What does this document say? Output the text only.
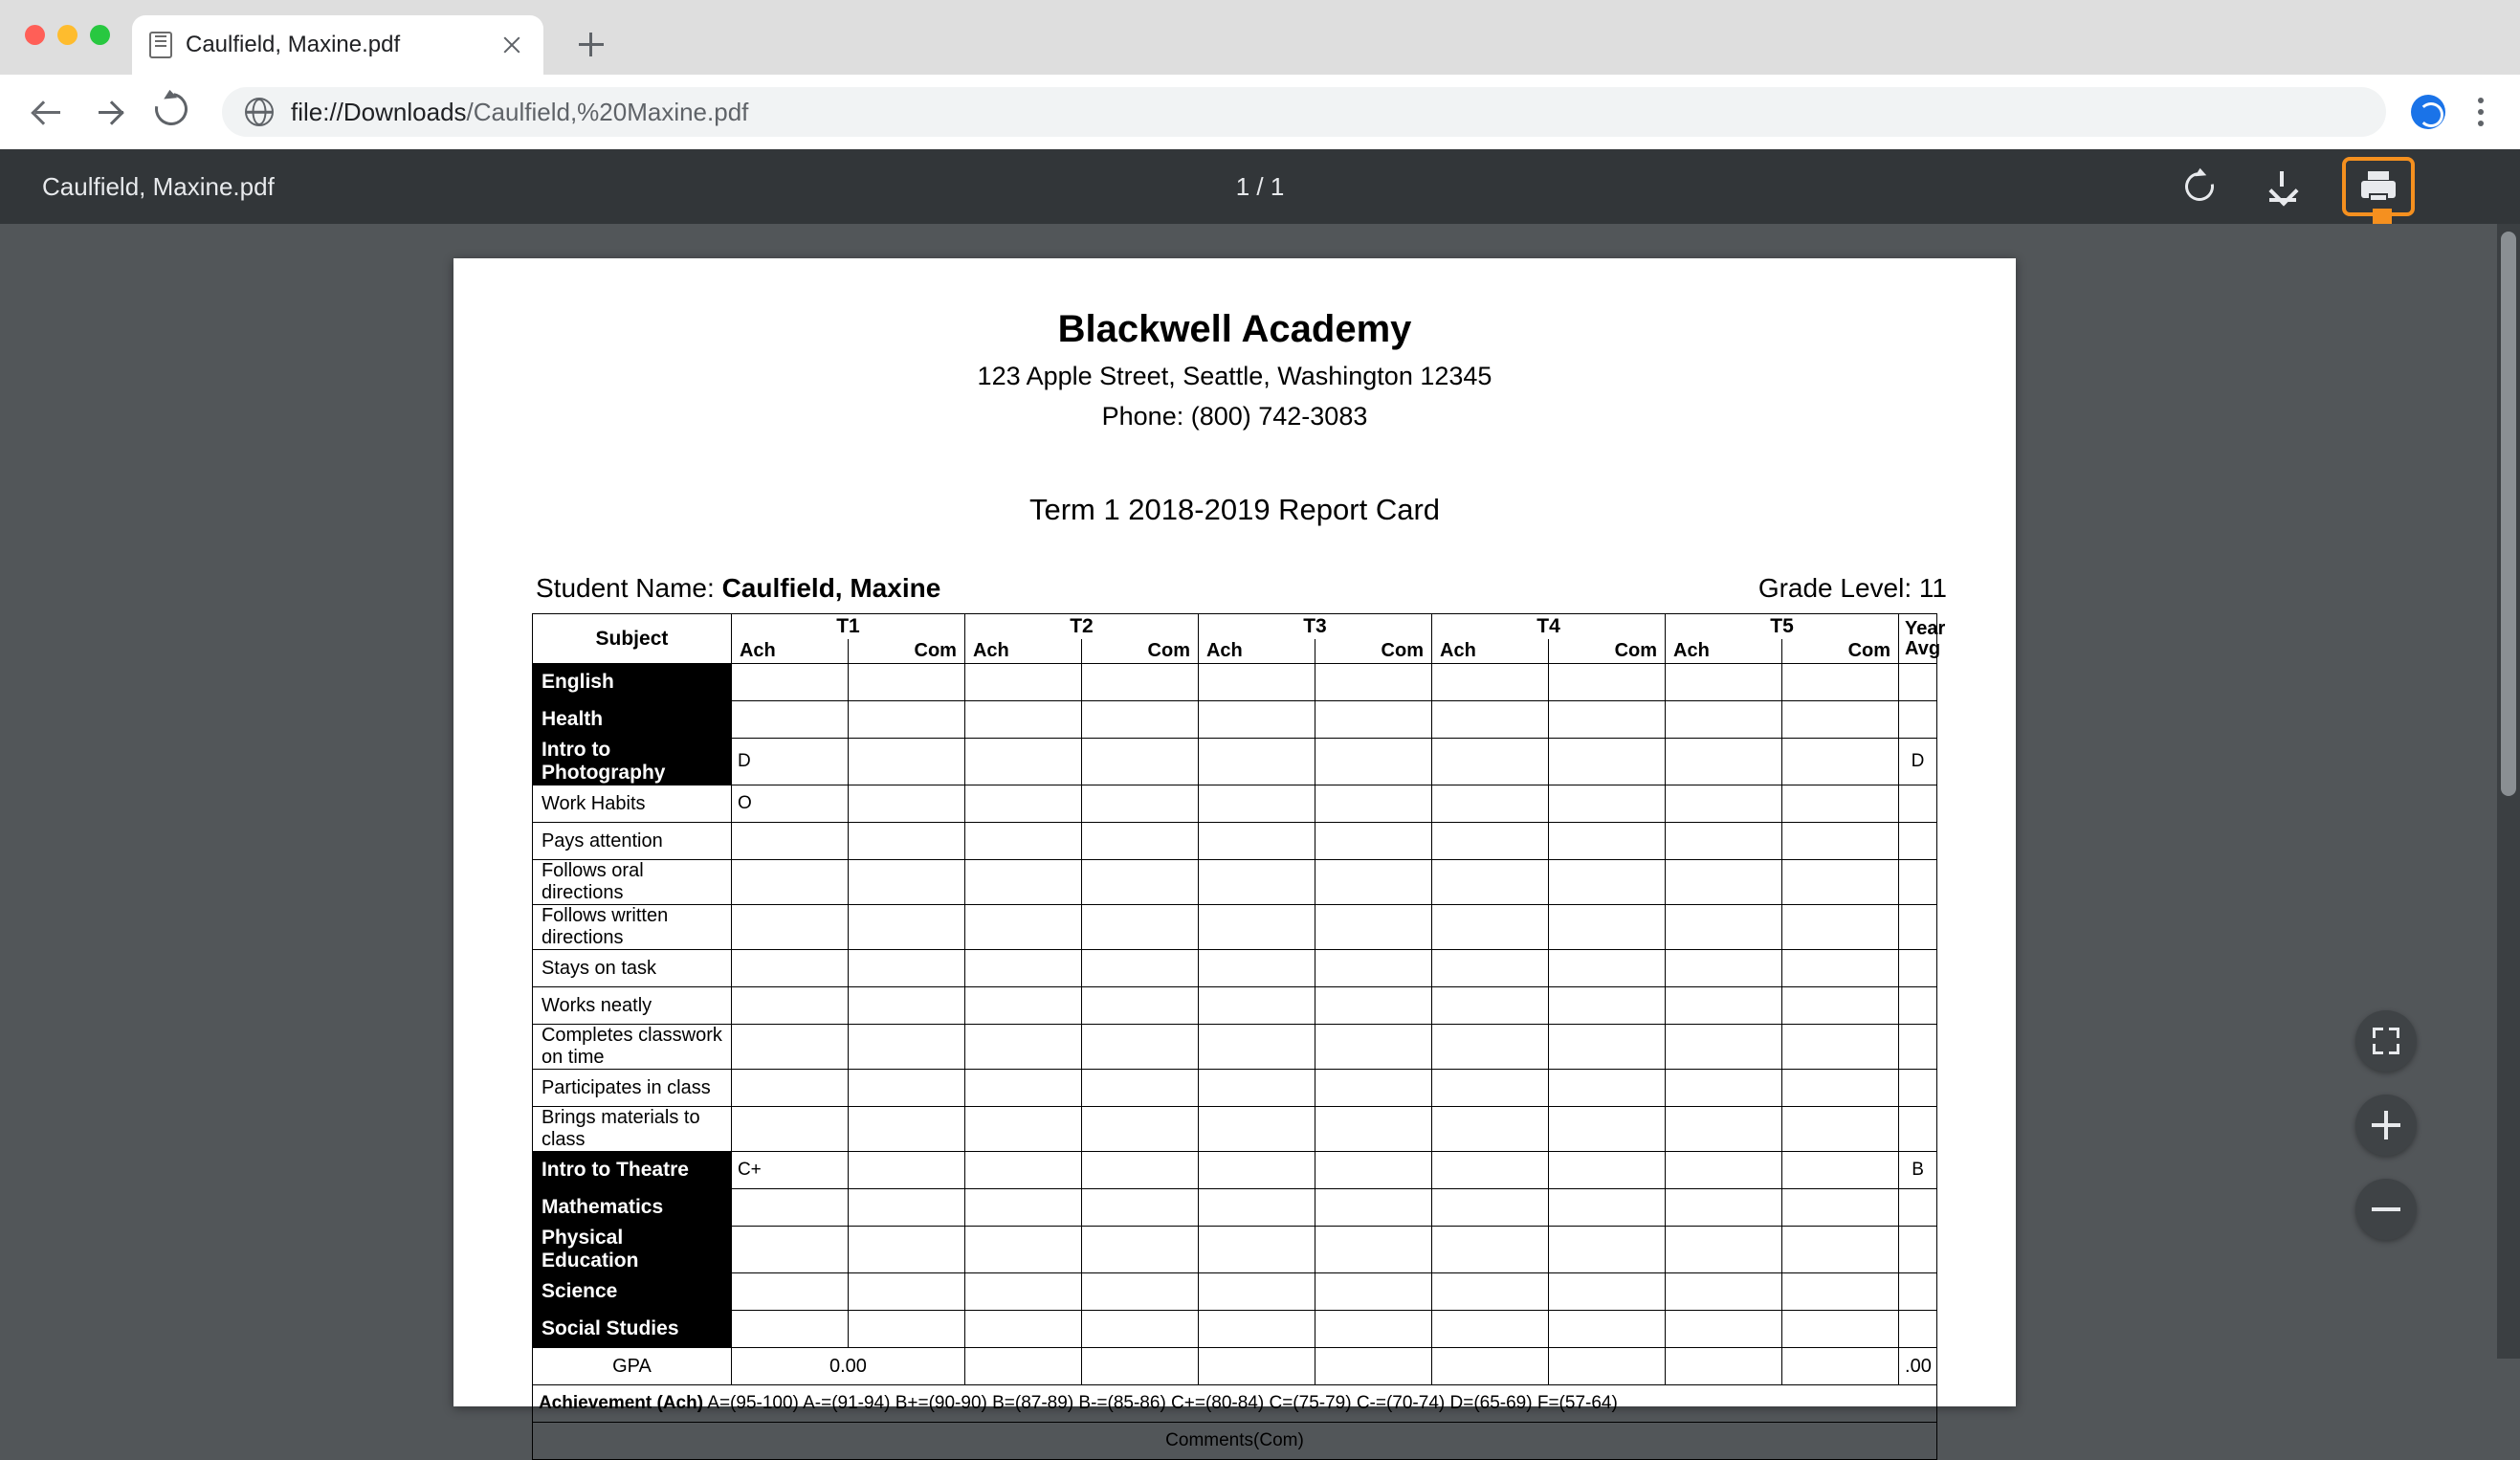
Caulfield, Maxine.pdf
file://Downloads/Caulfield,%20Maxine.pdf
Caulfield, Maxine.pdf	1 / 1
Blackwell Academy
123 Apple Street, Seattle, Washington 12345
Phone: (800) 742-3083
Term 1 2018-2019 Report Card
Student Name: Caulfield, Maxine	Grade Level: 11
Subject	T1		T2		T3		T4		T5		Year
Avg
	Ach	Com	Ach	Com	Ach	Com	Ach	Com	Ach	Com	
English											
Health											
Intro to Photography	D										D
Work Habits	O										
Pays attention											
Follows oral directions											
Follows written directions											
Stays on task											
Works neatly											
Completes classwork on time											
Participates in class											
Brings materials to class											
Intro to Theatre	C+										B
Mathematics											
Physical Education											
Science											
Social Studies											
GPA	0.00										.00
Achievement (Ach) A=(95-100) A-=(91-94) B+=(90-90) B=(87-89) B-=(85-86) C+=(80-84) C=(75-79) C-=(70-74) D=(65-69) F=(57-64)											
Comments(Com)											
